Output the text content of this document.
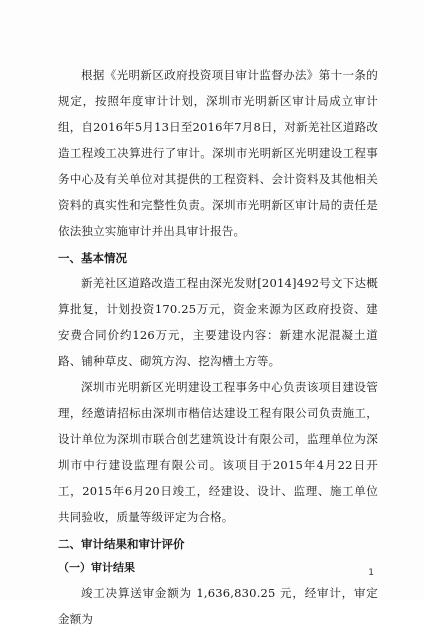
根据《光明新区政府投资项目审计监督办法》第十一条的规定，按照年度审计计划，深圳市光明新区审计局成立审计组，自2016年5月13日至2016年7月8日，对新羌社区道路改造工程竣工决算进行了审计。深圳市光明新区光明建设工程事务中心及有关单位对其提供的工程资料、会计资料及其他相关资料的真实性和完整性负责。深圳市光明新区审计局的责任是依法独立实施审计并出具审计报告。

一、基本情况

新羌社区道路改造工程由深光发财[2014]492号文下达概算批复，计划投资170.25万元，资金来源为区政府投资、建安费合同价约126万元，主要建设内容：新建水泥混凝土道路、铺种草皮、砌筑方沟、挖沟槽土方等。

深圳市光明新区光明建设工程事务中心负责该项目建设管理，经邀请招标由深圳市楷信达建设工程有限公司负责施工，设计单位为深圳市联合创艺建筑设计有限公司，监理单位为深圳市中行建设监理有限公司。该项目于2015年4月22日开工，2015年6月20日竣工，经建设、设计、监理、施工单位共同验收，质量等级评定为合格。

二、审计结果和审计评价

（一）审计结果

竣工决算送审金额为 1,636,830.25 元，经审计，审定金额为

1
